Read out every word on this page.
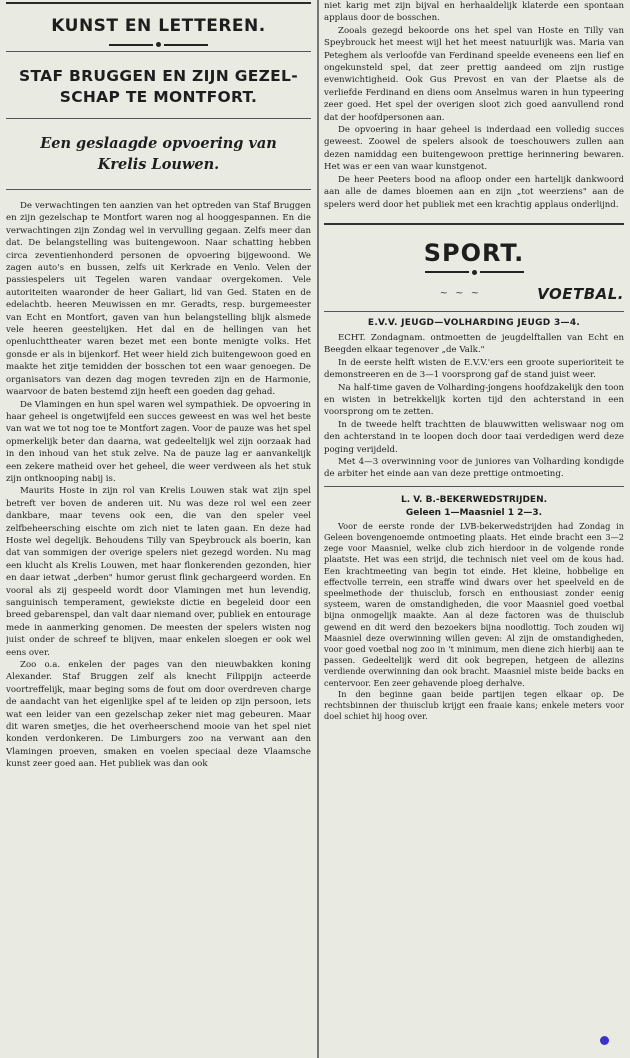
KUNST EN LETTEREN.
STAF BRUGGEN EN ZIJN GEZEL-
SCHAP TE MONTFORT.
Een geslaagde opvoering van
Krelis Louwen.

De verwachtingen ten aanzien van het optreden van Staf Bruggen en zijn gezelschap te Montfort waren nog al hooggespannen. En die verwachtingen zijn Zondag wel in vervulling gegaan. Zelfs meer dan dat. De belangstelling was buitengewoon. Naar schatting hebben circa zeventienhonderd personen de opvoering bijgewoond. We zagen auto's en bussen, zelfs uit Kerkrade en Venlo. Velen der passiespelers uit Tegelen waren vandaar overgekomen. Vele autoriteiten waaronder de heer Galiart, lid van Ged. Staten en de edelachtb. heeren Meuwissen en mr. Geradts, resp. burgemeester van Echt en Montfort, gaven van hun belangstelling blijk alsmede vele heeren geestelijken. Het dal en de hellingen van het openluchttheater waren bezet met een bonte menigte volks. Het gonsde er als in bijenkorf. Het weer hield zich buitengewoon goed en maakte het zitje temidden der bosschen tot een waar genoegen. De organisators van dezen dag mogen tevreden zijn en de Harmonie, waarvoor de baten bestemd zijn heeft een goeden dag gehad.

De Vlamingen en hun spel waren wel sympathiek. De opvoering in haar geheel is ongetwijfeld een succes geweest en was wel het beste van wat we tot nog toe te Montfort zagen. Voor de pauze was het spel opmerkelijk beter dan daarna, wat gedeeltelijk wel zijn oorzaak had in den inhoud van het stuk zelve. Na de pauze lag er aanvankelijk een zekere matheid over het geheel, die weer verdween als het stuk zijn ontknooping nabij is.

Maurits Hoste in zijn rol van Krelis Louwen stak wat zijn spel betreft ver boven de anderen uit. Nu was deze rol wel een zeer dankbare, maar tevens ook een, die van den speler veel zelfbeheersching eischte om zich niet te laten gaan. En deze had Hoste wel degelijk. Behoudens Tilly van Speybrouck als boerin, kan dat van sommigen der overige spelers niet gezegd worden. Nu mag een klucht als Krelis Louwen, met haar flonkerenden gezonden, hier en daar ietwat „derben" humor gerust flink gechargeerd worden. En vooral als zij gespeeld wordt door Vlamingen met hun levendig, sanguinisch temperament, gewiekste dictie en begeleid door een breed gebarenspel, dan valt daar niemand over, publiek en entourage mede in aanmerking genomen. De meesten der spelers wisten nog juist onder de schreef te blijven, maar enkelen sloegen er ook wel eens over.

Zoo o.a. enkelen der pages van den nieuwbakken koning Alexander. Staf Bruggen zelf als knecht Filippijn acteerde voortreffelijk, maar beging soms de fout om door overdreven charge de aandacht van het eigenlijke spel af te leiden op zijn persoon, iets wat een leider van een gezelschap zeker niet mag gebeuren. Maar dit waren smetjes, die het overheerschend mooie van het spel niet konden verdonkeren. De Limburgers zoo na verwant aan den Vlamingen proeven, smaken en voelen speciaal deze Vlaamsche kunst zeer goed aan. Het publiek was dan ook

niet karig met zijn bijval en herhaaldelijk klaterde een spontaan applaus door de bosschen.

Zooals gezegd bekoorde ons het spel van Hoste en Tilly van Speybrouck het meest wijl het het meest natuurlijk was. Maria van Peteghem als verloofde van Ferdinand speelde eveneens een lief en ongekunsteld spel, dat zeer prettig aandeed om zijn rustige evenwichtigheid. Ook Gus Prevost en van der Plaetse als de verliefde Ferdinand en diens oom Anselmus waren in hun typeering zeer goed. Het spel der overigen sloot zich goed aanvullend rond dat der hoofdpersonen aan.

De opvoering in haar geheel is inderdaad een volledig succes geweest. Zoowel de spelers alsook de toeschouwers zullen aan dezen namiddag een buitengewoon prettige herinnering bewaren. Het was er een van waar kunstgenot.

De heer Peeters bood na afloop onder een hartelijk dankwoord aan alle de dames bloemen aan en zijn „tot weerziens" aan de spelers werd door het publiek met een krachtig applaus onderlijnd.

SPORT.
~ ~ ~	VOETBAL.
E.V.V. JEUGD—VOLHARDING JEUGD 3—4.

ECHT. Zondagnam. ontmoetten de jeugdelftallen van Echt en Beegden elkaar tegenover „de Valk."

In de eerste helft wisten de E.V.V.'ers een groote superioriteit te demonstreeren en de 3—1 voorsprong gaf de stand juist weer.

Na half-time gaven de Volharding-jongens hoofdzakelijk den toon en wisten in betrekkelijk korten tijd den achterstand in een voorsprong om te zetten.

In de tweede helft trachtten de blauwwitten weliswaar nog om den achterstand in te loopen doch door taai verdedigen werd deze poging verijdeld.

Met 4—3 overwinning voor de juniores van Volharding kondigde de arbiter het einde aan van deze prettige ontmoeting.

L. V. B.-BEKERWEDSTRIJDEN.
Geleen 1—Maasniel 1 2—3.

Voor de eerste ronde der LVB-bekerwedstrijden had Zondag in Geleen bovengenoemde ontmoeting plaats. Het einde bracht een 3—2 zege voor Maasniel, welke club zich hierdoor in de volgende ronde plaatste. Het was een strijd, die technisch niet veel om de kous had. Een krachtmeeting van begin tot einde. Het kleine, hobbelige en effectvolle terrein, een straffe wind dwars over het speelveld en de speelmethode der thuisclub, forsch en enthousiast zonder eenig systeem, waren de omstandigheden, die voor Maasniel goed voetbal bijna onmogelijk maakte. Aan al deze factoren was de thuisclub gewend en dit werd den bezoekers bijna noodlottig. Toch zouden wij Maasniel deze overwinning willen geven: Al zijn de omstandigheden, voor goed voetbal nog zoo in 't minimum, men diene zich hierbij aan te passen. Gedeeltelijk werd dit ook begrepen, hetgeen de allezins verdiende overwinning dan ook bracht. Maasniel miste beide backs en centervoor. Een zeer gehavende ploeg derhalve.

In den beginne gaan beide partijen tegen elkaar op. De rechtsbinnen der thuisclub krijgt een fraaie kans; enkele meters voor doel schiet hij hoog over.
